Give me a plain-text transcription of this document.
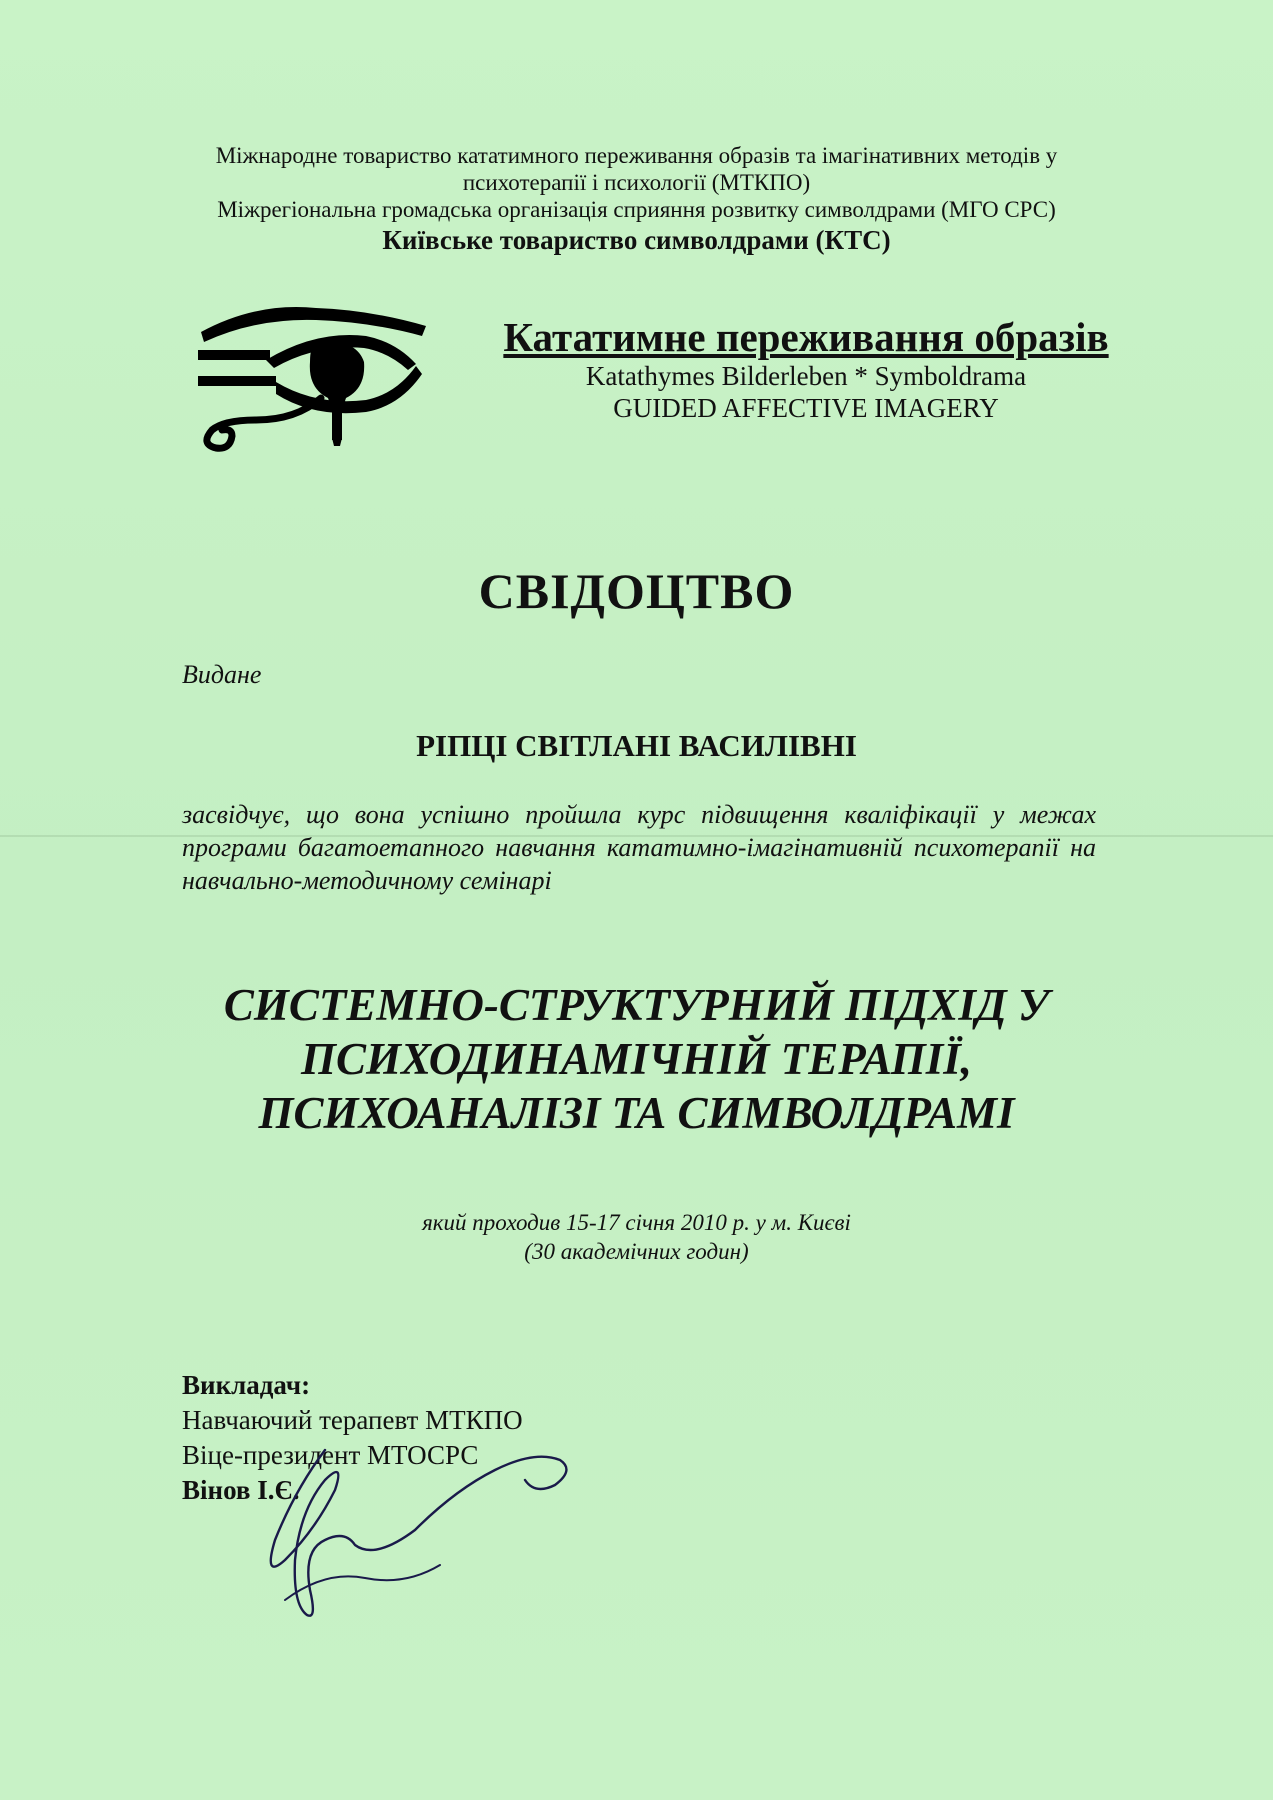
Міжнародне товариство кататимного переживання образів та імагінативних методів у
психотерапії і психології (МТКПО)
Міжрегіональна громадська організація сприяння розвитку символдрами (МГО СРС)
Київське товариство символдрами (КТС)
Кататимне переживання образів
Katathymes Bilderleben * Symboldrama
GUIDED AFFECTIVE IMAGERY
СВІДОЦТВО
Видане
РІПЦІ СВІТЛАНІ ВАСИЛІВНІ
засвідчує, що вона успішно пройшла курс підвищення кваліфікації у межах програми багатоетапного навчання кататимно-імагінативній психотерапії на навчально-методичному семінарі
СИСТЕМНО-СТРУКТУРНИЙ ПІДХІД У
ПСИХОДИНАМІЧНІЙ ТЕРАПІЇ,
ПСИХОАНАЛІЗІ ТА СИМВОЛДРАМІ
який проходив 15-17 січня 2010 р. у м. Києві
(30 академічних годин)
Викладач:
Навчаючий терапевт МТКПО
Віце-президент МТОСРС
Вінов І.Є.
